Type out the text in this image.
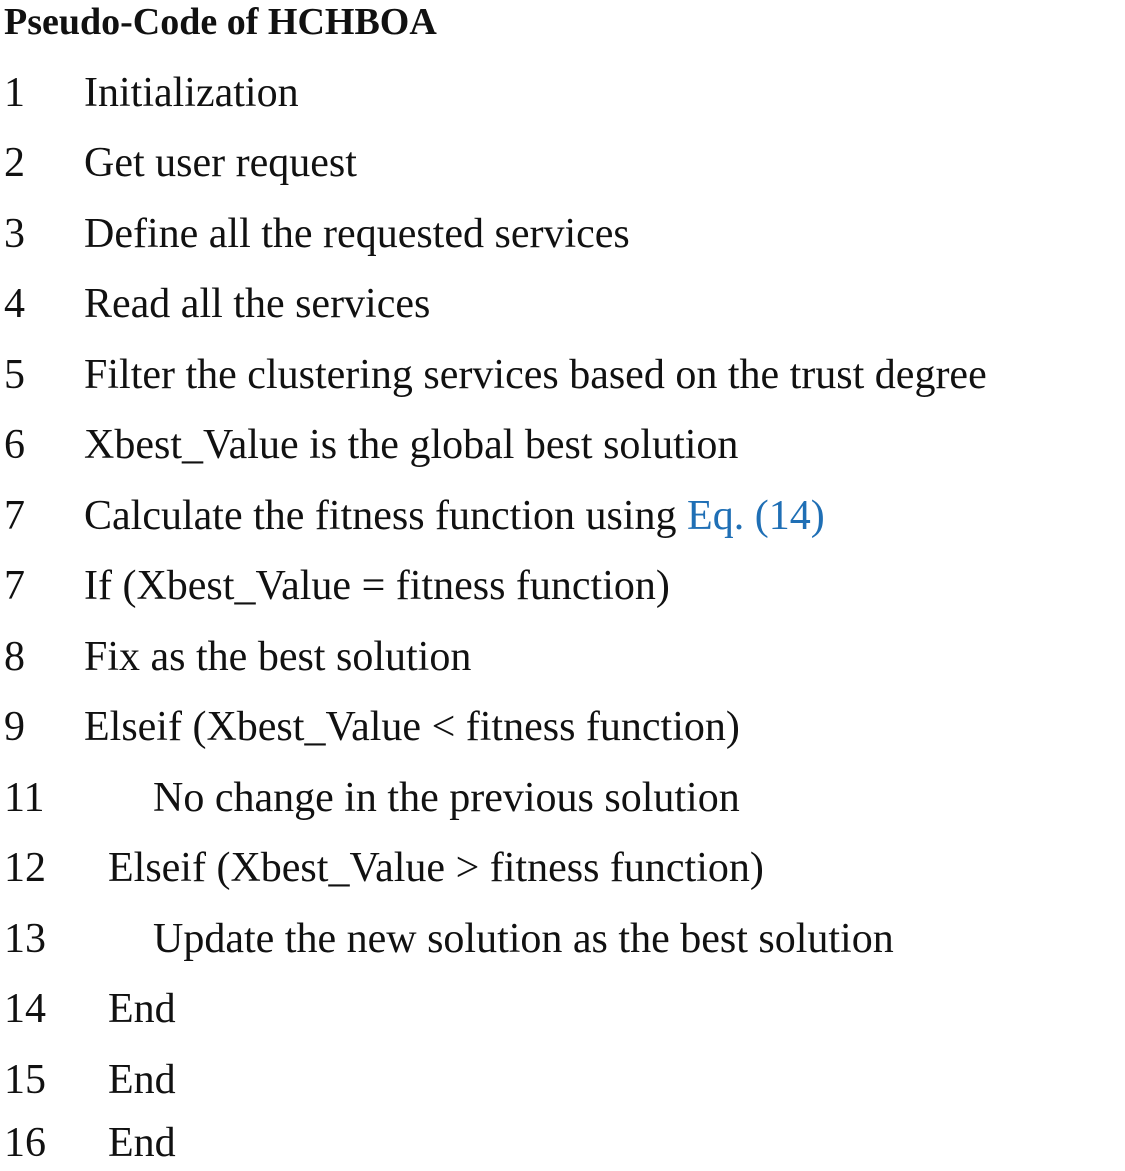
Pseudo-Code of HCHBOA
1 Initialization
2 Get user request
3 Define all the requested services
4 Read all the services
5 Filter the clustering services based on the trust degree
6 Xbest_Value is the global best solution
7 Calculate the fitness function using Eq. (14)
7 If (Xbest_Value = fitness function)
8 Fix as the best solution
9 Elseif (Xbest_Value < fitness function)
11	No change in the previous solution
12 Elseif (Xbest_Value > fitness function)
13	Update the new solution as the best solution
14 End
15 End
16 End
